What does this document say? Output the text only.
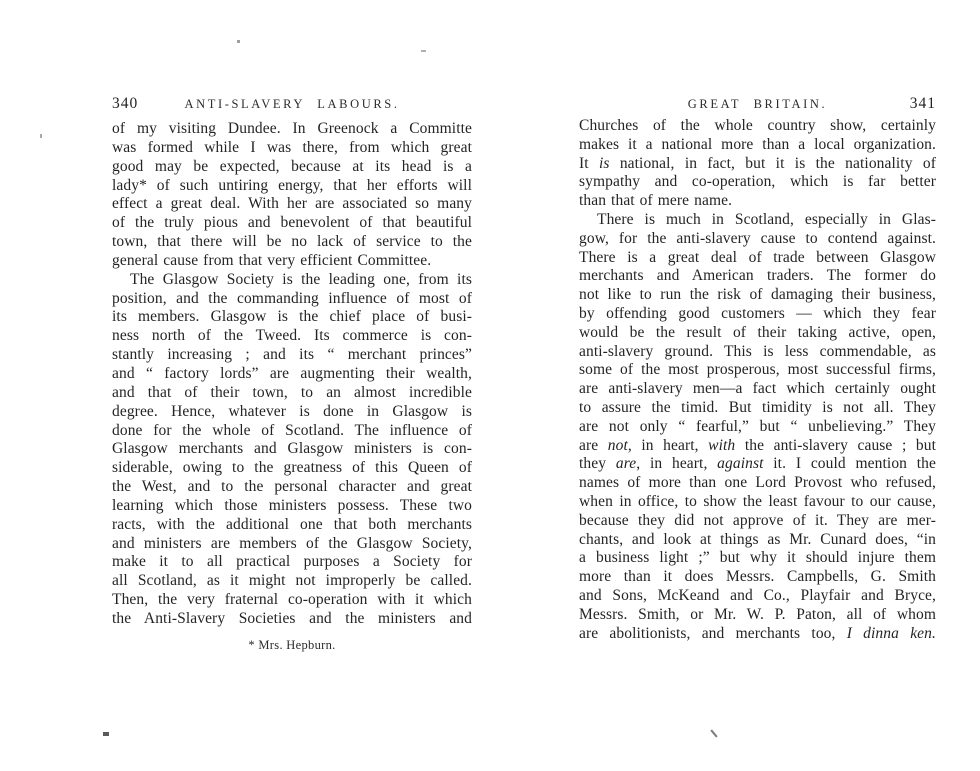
340	ANTI-SLAVERY LABOURS.	GREAT BRITAIN.	341
of my visiting Dundee. In Greenock a Committe
was formed while I was there, from which great
good may be expected, because at its head is a
lady* of such untiring energy, that her efforts will
effect a great deal. With her are associated so many
of the truly pious and benevolent of that beautiful
town, that there will be no lack of service to the
general cause from that very efficient Committee.
The Glasgow Society is the leading one, from its
position, and the commanding influence of most of
its members. Glasgow is the chief place of busi-
ness north of the Tweed. Its commerce is con-
stantly increasing ; and its “ merchant princes”
and “ factory lords” are augmenting their wealth,
and that of their town, to an almost incredible
degree. Hence, whatever is done in Glasgow is
done for the whole of Scotland. The influence of
Glasgow merchants and Glasgow ministers is con-
siderable, owing to the greatness of this Queen of
the West, and to the personal character and great
learning which those ministers possess. These two
racts, with the additional one that both merchants
and ministers are members of the Glasgow Society,
make it to all practical purposes a Society for
all Scotland, as it might not improperly be called.
Then, the very fraternal co-operation with it which
the Anti-Slavery Societies and the ministers and
Churches of the whole country show, certainly
makes it a national more than a local organization.
It is national, in fact, but it is the nationality of
sympathy and co-operation, which is far better
than that of mere name.
There is much in Scotland, especially in Glas-
gow, for the anti-slavery cause to contend against.
There is a great deal of trade between Glasgow
merchants and American traders. The former do
not like to run the risk of damaging their business,
by offending good customers — which they fear
would be the result of their taking active, open,
anti-slavery ground. This is less commendable, as
some of the most prosperous, most successful firms,
are anti-slavery men—a fact which certainly ought
to assure the timid. But timidity is not all. They
are not only “ fearful,” but “ unbelieving.” They
are not, in heart, with the anti-slavery cause ; but
they are, in heart, against it. I could mention the
names of more than one Lord Provost who refused,
when in office, to show the least favour to our cause,
because they did not approve of it. They are mer-
chants, and look at things as Mr. Cunard does, “in
a business light ;” but why it should injure them
more than it does Messrs. Campbells, G. Smith
and Sons, McKeand and Co., Playfair and Bryce,
Messrs. Smith, or Mr. W. P. Paton, all of whom
are abolitionists, and merchants too, I dinna ken.
* Mrs. Hepburn.
